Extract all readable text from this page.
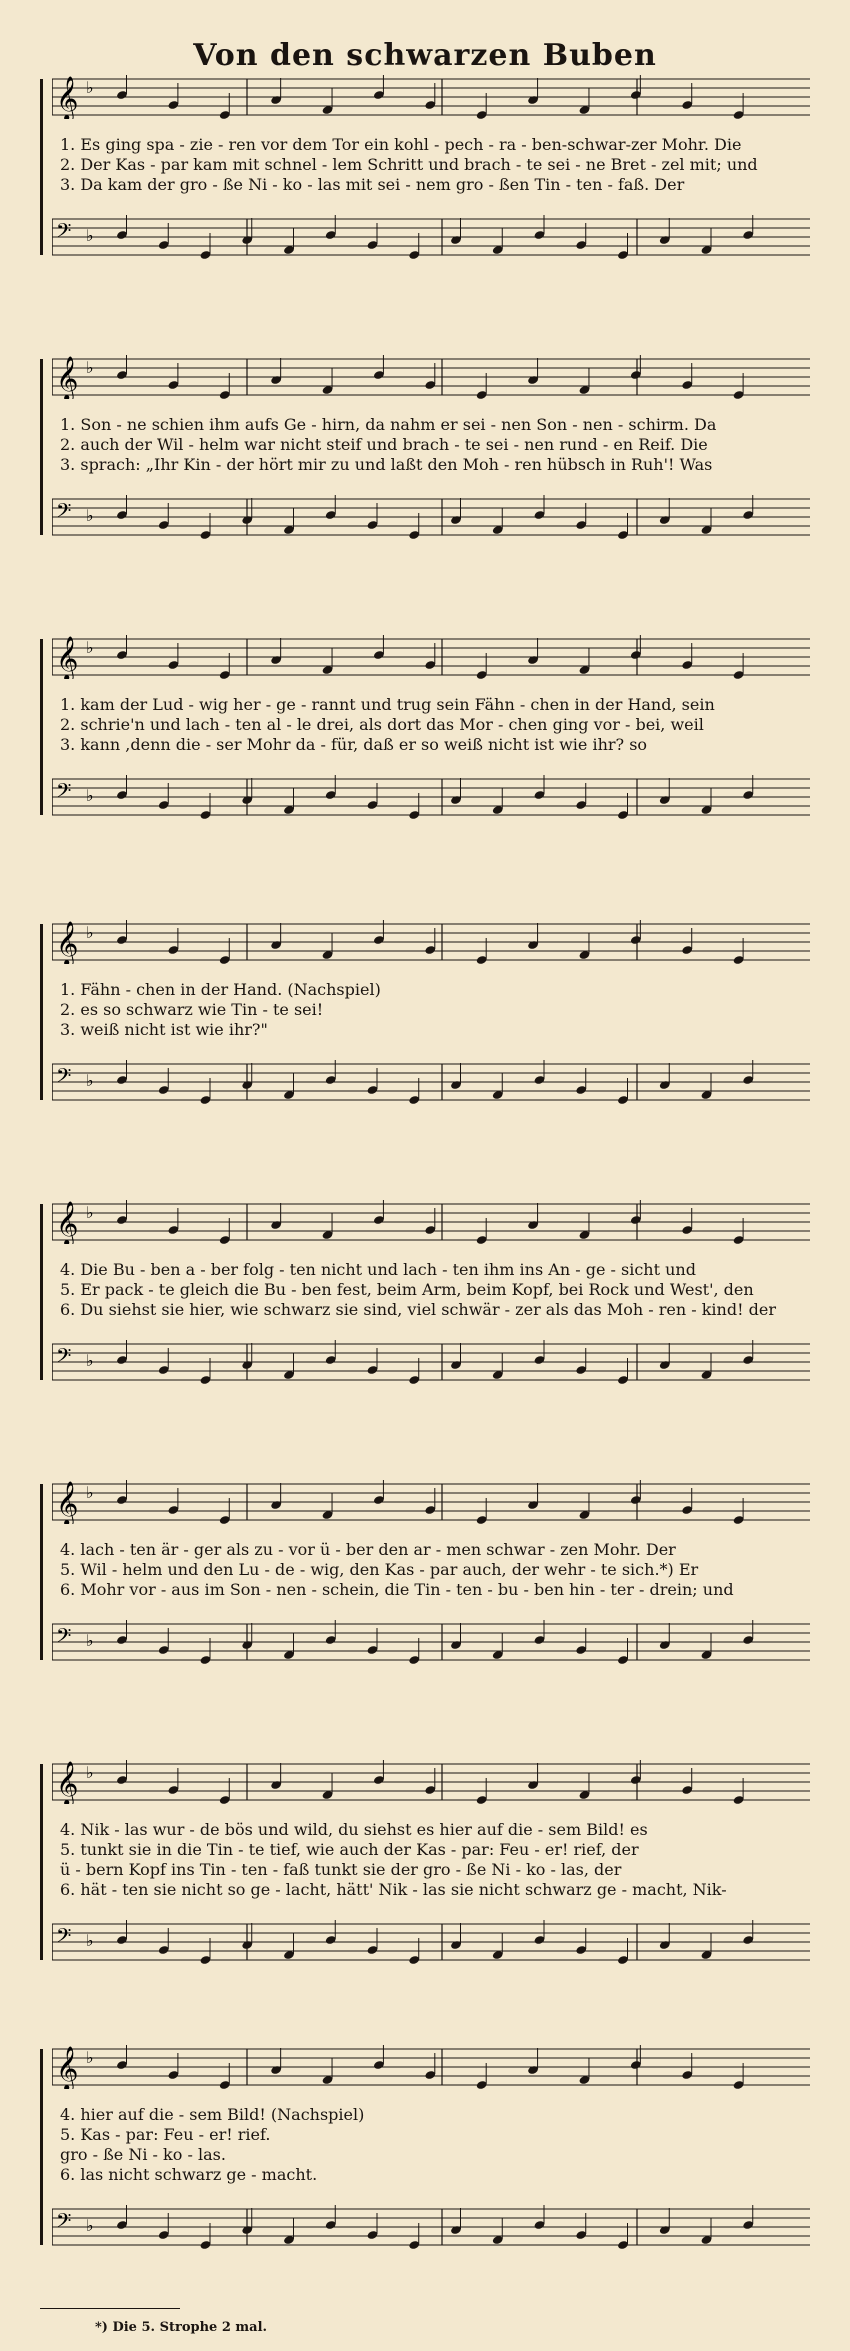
Von den schwarzen Buben
𝄞 ♭
1. Es ging spa - zie - ren vor dem Tor ein kohl - pech - ra - ben-schwar-zer Mohr. Die
2. Der Kas - par kam mit schnel - lem Schritt und brach - te sei - ne Bret - zel mit; und
3. Da kam der gro - ße Ni - ko - las mit sei - nem gro - ßen Tin - ten - faß. Der
𝄢 ♭
𝄞 ♭
1. Son - ne schien ihm aufs Ge - hirn, da nahm er sei - nen Son - nen - schirm. Da
2. auch der Wil - helm war nicht steif und brach - te sei - nen rund - en Reif. Die
3. sprach: „Ihr Kin - der hört mir zu und laßt den Moh - ren hübsch in Ruh'! Was
𝄢 ♭
𝄞 ♭
1. kam der Lud - wig her - ge - rannt und trug sein Fähn - chen in der Hand, sein
2. schrie'n und lach - ten al - le drei, als dort das Mor - chen ging vor - bei, weil
3. kann ,denn die - ser Mohr da - für, daß er so weiß nicht ist wie ihr? so
𝄢 ♭
𝄞 ♭
1. Fähn - chen in der Hand. (Nachspiel)
2. es so schwarz wie Tin - te sei!
3. weiß nicht ist wie ihr?"
𝄢 ♭
𝄞 ♭
4. Die Bu - ben a - ber folg - ten nicht und lach - ten ihm ins An - ge - sicht und
5. Er pack - te gleich die Bu - ben fest, beim Arm, beim Kopf, bei Rock und West', den
6. Du siehst sie hier, wie schwarz sie sind, viel schwär - zer als das Moh - ren - kind! der
𝄢 ♭
𝄞 ♭
4. lach - ten är - ger als zu - vor ü - ber den ar - men schwar - zen Mohr. Der
5. Wil - helm und den Lu - de - wig, den Kas - par auch, der wehr - te sich.*) Er
6. Mohr vor - aus im Son - nen - schein, die Tin - ten - bu - ben hin - ter - drein; und
𝄢 ♭
𝄞 ♭
4. Nik - las wur - de bös und wild, du siehst es hier auf die - sem Bild! es
5. tunkt sie in die Tin - te tief, wie auch der Kas - par: Feu - er! rief, der
ü - bern Kopf ins Tin - ten - faß tunkt sie der gro - ße Ni - ko - las, der
6. hät - ten sie nicht so ge - lacht, hätt' Nik - las sie nicht schwarz ge - macht, Nik-
𝄢 ♭
𝄞 ♭
4. hier auf die - sem Bild! (Nachspiel)
5. Kas - par: Feu - er! rief.
gro - ße Ni - ko - las.
6. las nicht schwarz ge - macht.
𝄢 ♭
*) Die 5. Strophe 2 mal.
